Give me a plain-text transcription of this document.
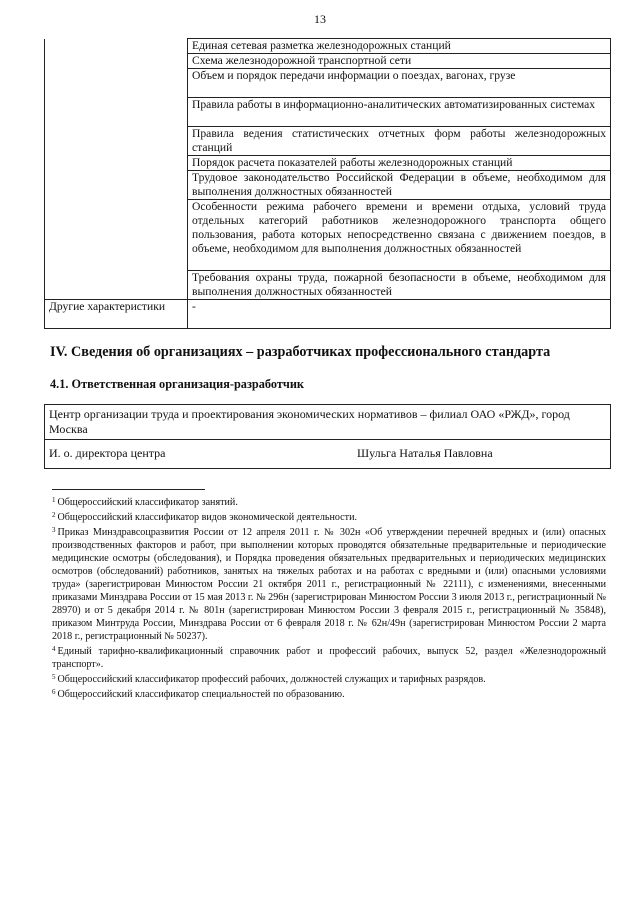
13
	Единая сетевая разметка железнодорожных станций
	Схема железнодорожной транспортной сети
	Объем и порядок передачи информации о поездах, вагонах, грузе
	Правила работы в информационно-аналитических автоматизированных системах
	Правила ведения статистических отчетных форм работы железнодорожных станций
	Порядок расчета показателей работы железнодорожных станций
	Трудовое законодательство Российской Федерации в объеме, необходимом для выполнения должностных обязанностей
	Особенности режима рабочего времени и времени отдыха, условий труда отдельных категорий работников железнодорожного транспорта общего пользования, работа которых непосредственно связана с движением поездов, в объеме, необходимом для выполнения должностных обязанностей
	Требования охраны труда, пожарной безопасности в объеме, необходимом для выполнения должностных обязанностей
Другие характеристики	-
IV. Сведения об организациях – разработчиках профессионального стандарта
4.1. Ответственная организация-разработчик
Центр организации труда и проектирования экономических нормативов – филиал ОАО «РЖД», город Москва
И. о. директора центра	Шульга Наталья Павловна

$^1$ Общероссийский классификатор занятий.

$^2$ Общероссийский классификатор видов экономической деятельности.

$^3$ Приказ Минздравсоцразвития России от 12 апреля 2011 г. № 302н «Об утверждении перечней вредных и (или) опасных производственных факторов и работ, при выполнении которых проводятся обязательные предварительные и периодические медицинские осмотры (обследования), и Порядка проведения обязательных предварительных и периодических медицинских осмотров (обследований) работников, занятых на тяжелых работах и на работах с вредными и (или) опасными условиями труда» (зарегистрирован Минюстом России 21 октября 2011 г., регистрационный № 22111), с изменениями, внесенными приказами Минздрава России от 15 мая 2013 г. № 296н (зарегистрирован Минюстом России 3 июля 2013 г., регистрационный № 28970) и от 5 декабря 2014 г. № 801н (зарегистрирован Минюстом России 3 февраля 2015 г., регистрационный № 35848), приказом Минтруда России, Минздрава России от 6 февраля 2018 г. № 62н/49н (зарегистрирован Минюстом России 2 марта 2018 г., регистрационный № 50237).

$^4$ Единый тарифно-квалификационный справочник работ и профессий рабочих, выпуск 52, раздел «Железнодорожный транспорт».

$^5$ Общероссийский классификатор профессий рабочих, должностей служащих и тарифных разрядов.

$^6$ Общероссийский классификатор специальностей по образованию.
